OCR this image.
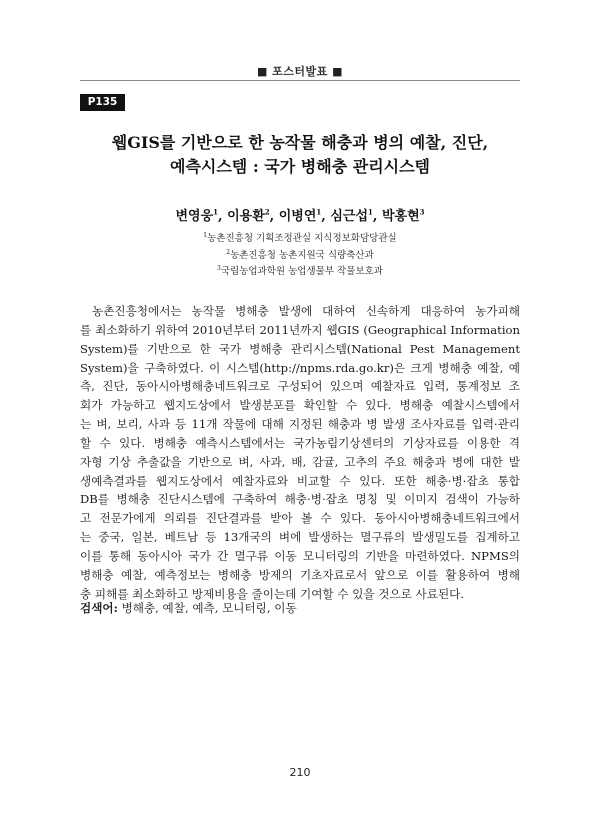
■ 포스터발표 ■
P135
웹GIS를 기반으로 한 농작물 해충과 병의 예찰, 진단,
예측시스템 : 국가 병해충 관리시스템
변영웅$^1$, 이용환$^2$, 이병연$^1$, 심근섭$^1$, 박홍현$^3$
$^1$농촌진흥청 기획조정관실 지식정보화담당관실
$^2$농촌진흥청 농촌지원국 식량축산과
$^3$국립농업과학원 농업생물부 작물보호과
농촌진흥청에서는 농작물 병해충 발생에 대하여 신속하게 대응하여 농가피해
를 최소화하기 위하여 2010년부터 2011년까지 웹GIS (Geographical Information
System)를 기반으로 한 국가 병해충 관리시스템(National Pest Management
System)을 구축하였다. 이 시스템(http://npms.rda.go.kr)은 크게 병해충 예찰, 예
측, 진단, 동아시아병해충네트워크로 구성되어 있으며 예찰자료 입력, 통계정보 조
회가 가능하고 웹지도상에서 발생분포를 확인할 수 있다. 병해충 예찰시스템에서
는 벼, 보리, 사과 등 11개 작물에 대해 지정된 해충과 병 발생 조사자료를 입력·관리
할 수 있다. 병해충 예측시스템에서는 국가농림기상센터의 기상자료를 이용한 격
자형 기상 추출값을 기반으로 벼, 사과, 배, 감귤, 고추의 주요 해충과 병에 대한 발
생예측결과를 웹지도상에서 예찰자료와 비교할 수 있다. 또한 해충·병·잡초 통합
DB를 병해충 진단시스템에 구축하여 해충·병·잡초 명칭 및 이미지 검색이 가능하
고 전문가에게 의뢰를 진단결과를 받아 볼 수 있다. 동아시아병해충네트워크에서
는 중국, 일본, 베트남 등 13개국의 벼에 발생하는 멸구류의 발생밀도를 집계하고
이를 통해 동아시아 국가 간 멸구류 이동 모니터링의 기반을 마련하였다. NPMS의
병해충 예찰, 예측정보는 병해충 방제의 기초자료로서 앞으로 이를 활용하여 병해
충 피해를 최소화하고 방제비용을 줄이는데 기여할 수 있을 것으로 사료된다.
검색어: 병해충, 예찰, 예측, 모니터링, 이동
210
